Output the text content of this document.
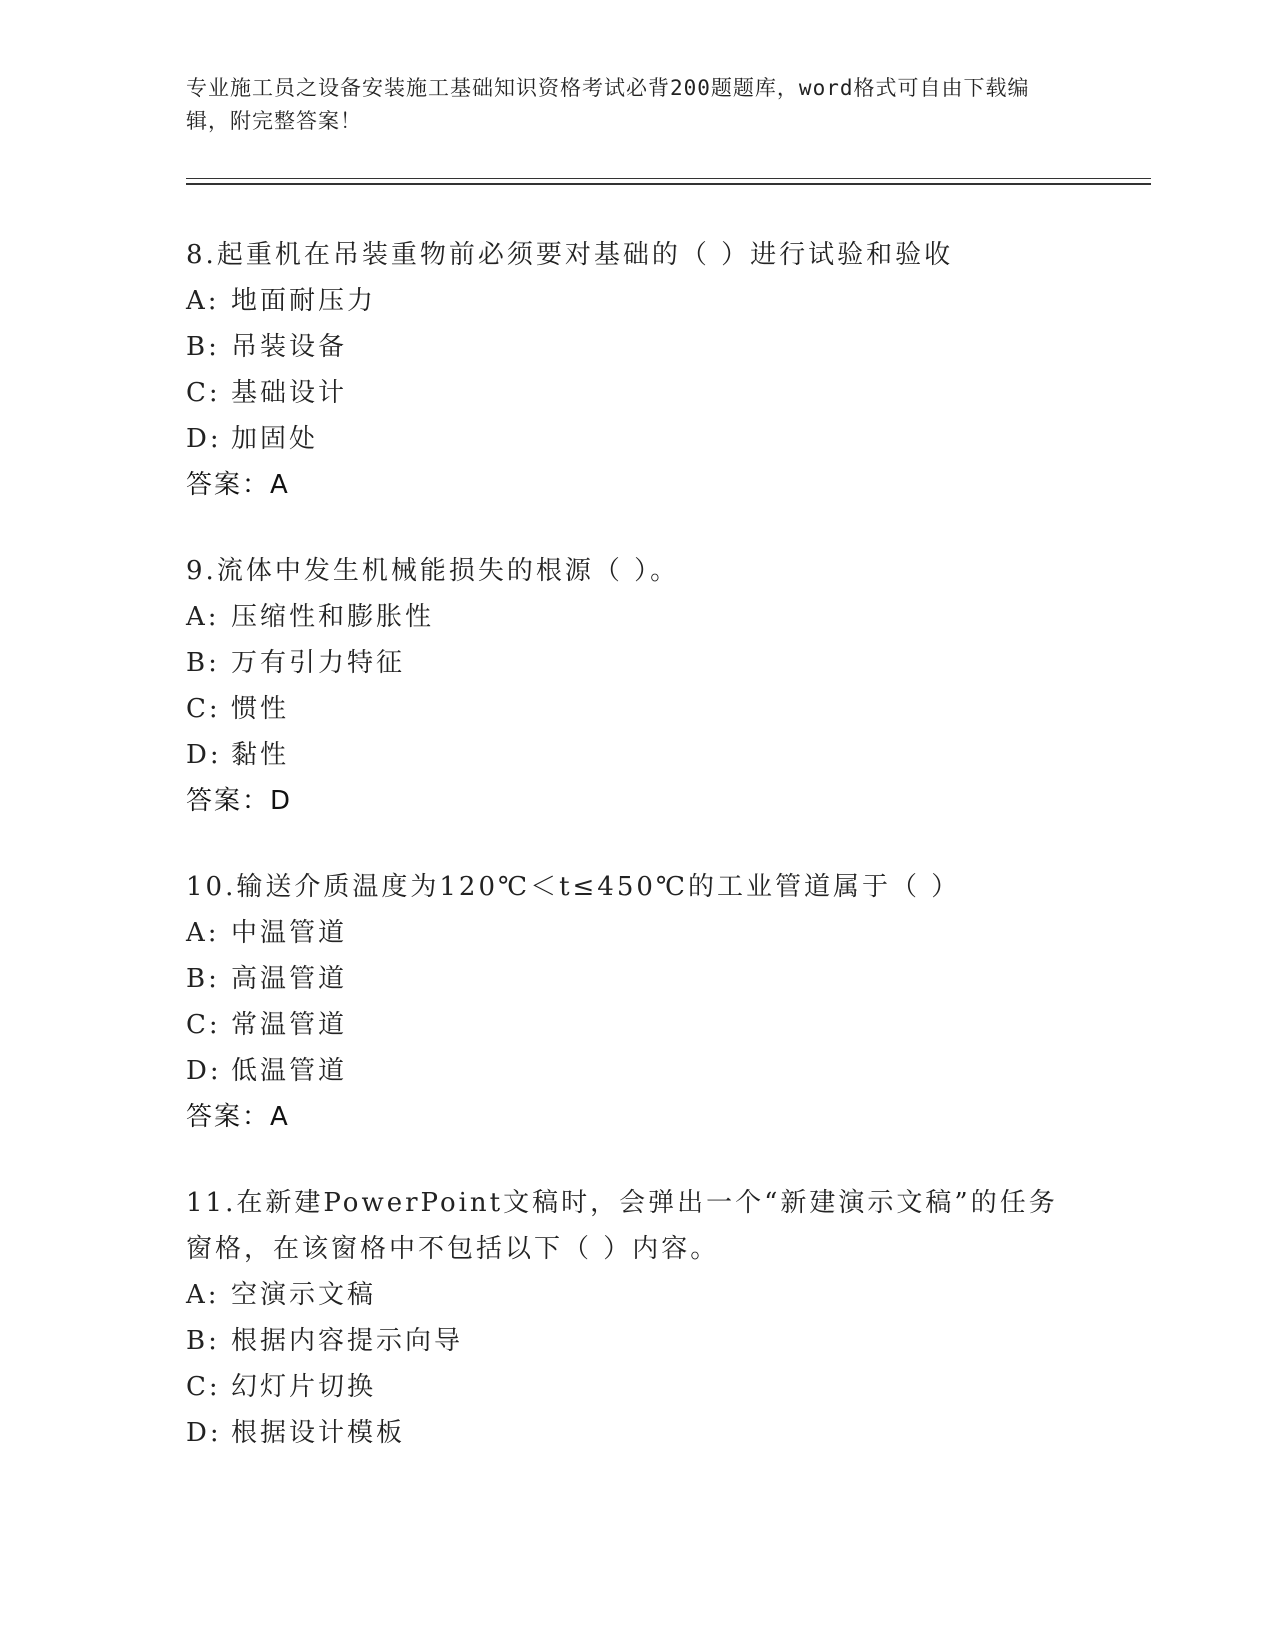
专业施工员之设备安装施工基础知识资格考试必背200题题库，word格式可自由下载编辑，附完整答案！
8.起重机在吊装重物前必须要对基础的（ ）进行试验和验收
A: 地面耐压力
B: 吊装设备
C: 基础设计
D: 加固处
答案：A
9.流体中发生机械能损失的根源（ ）。
A: 压缩性和膨胀性
B: 万有引力特征
C: 惯性
D: 黏性
答案：D
10.输送介质温度为120℃＜t≤450℃的工业管道属于（ ）
A: 中温管道
B: 高温管道
C: 常温管道
D: 低温管道
答案：A
11.在新建PowerPoint文稿时，会弹出一个“新建演示文稿”的任务窗格，在该窗格中不包括以下（ ）内容。
A: 空演示文稿
B: 根据内容提示向导
C: 幻灯片切换
D: 根据设计模板
